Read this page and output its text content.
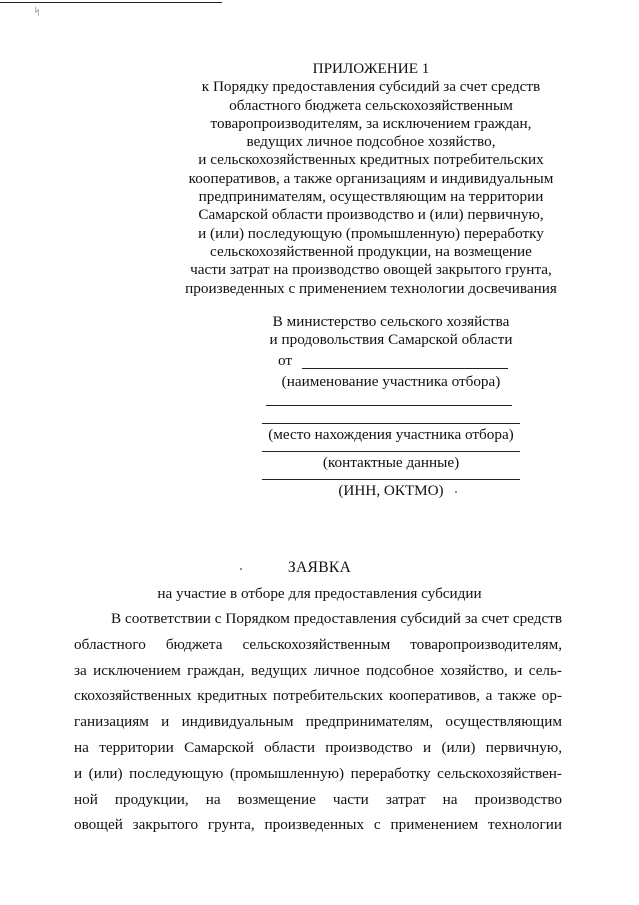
ᛋ
ПРИЛОЖЕНИЕ 1
к Порядку предоставления субсидий за счет средств
областного бюджета сельскохозяйственным
товаропроизводителям, за исключением граждан,
ведущих личное подсобное хозяйство,
и сельскохозяйственных кредитных потребительских
кооперативов, а также организациям и индивидуальным
предпринимателям, осуществляющим на территории
Самарской области производство и (или) первичную,
и (или) последующую (промышленную) переработку
сельскохозяйственной продукции, на возмещение
части затрат на производство овощей закрытого грунта,
произведенных с применением технологии досвечивания
В министерство сельского хозяйства
и продовольствия Самарской области
от
(наименование участника отбора)
(место нахождения участника отбора)
(контактные данные)
(ИНН, ОКТМО)
ЗАЯВКА
на участие в отборе для предоставления субсидии
В соответствии с Порядком предоставления субсидий за счет средств
областного бюджета сельскохозяйственным товаропроизводителям,
за исключением граждан, ведущих личное подсобное хозяйство, и сель-
скохозяйственных кредитных потребительских кооперативов, а также ор-
ганизациям и индивидуальным предпринимателям, осуществляющим
на территории Самарской области производство и (или) первичную,
и (или) последующую (промышленную) переработку сельскохозяйствен-
ной продукции, на возмещение части затрат на производство
овощей закрытого грунта, произведенных с применением технологии
